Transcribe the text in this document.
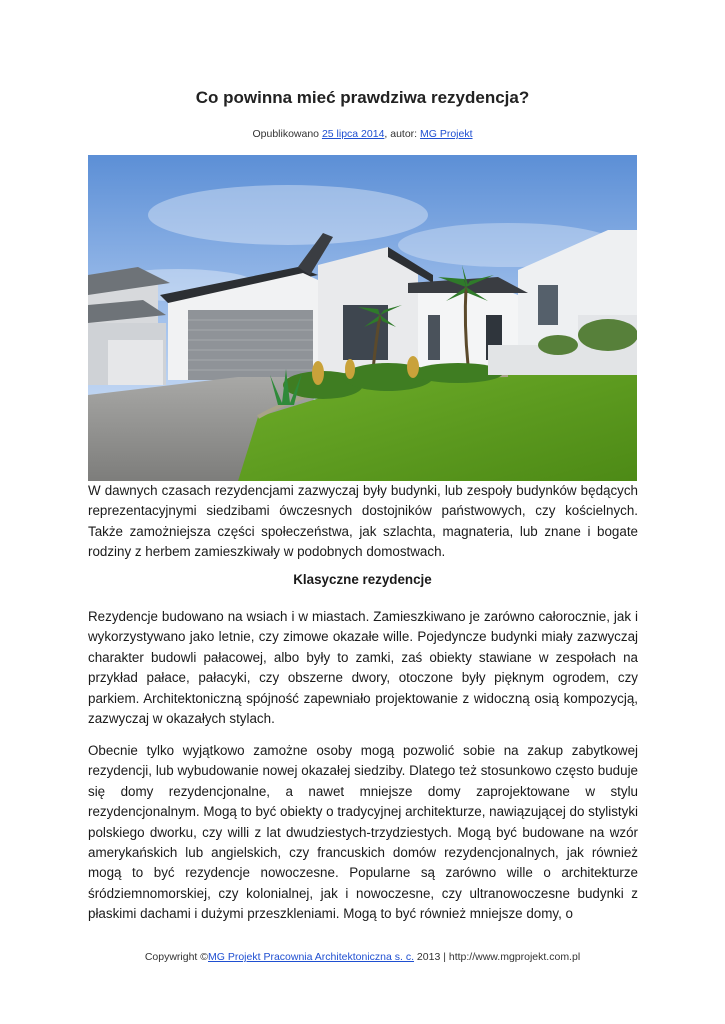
Co powinna mieć prawdziwa rezydencja?
Opublikowano 25 lipca 2014, autor: MG Projekt

W dawnych czasach rezydencjami zazwyczaj były budynki, lub zespoły budynków będących reprezentacyjnymi siedzibami ówczesnych dostojników państwowych, czy kościelnych. Także zamożniejsza części społeczeństwa, jak szlachta, magnateria, lub znane i bogate rodziny z herbem zamieszkiwały w podobnych domostwach.

Klasyczne rezydencje

Rezydencje budowano na wsiach i w miastach. Zamieszkiwano je zarówno całorocznie, jak i wykorzystywano jako letnie, czy zimowe okazałe wille. Pojedyncze budynki miały zazwyczaj charakter budowli pałacowej, albo były to zamki, zaś obiekty stawiane w zespołach na przykład pałace, pałacyki, czy obszerne dwory, otoczone były pięknym ogrodem, czy parkiem. Architektoniczną spójność zapewniało projektowanie z widoczną osią kompozycją, zazwyczaj w okazałych stylach.

Obecnie tylko wyjątkowo zamożne osoby mogą pozwolić sobie na zakup zabytkowej rezydencji, lub wybudowanie nowej okazałej siedziby. Dlatego też stosunkowo często buduje się domy rezydencjonalne, a nawet mniejsze domy zaprojektowane w stylu rezydencjonalnym. Mogą to być obiekty o tradycyjnej architekturze, nawiązującej do stylistyki polskiego dworku, czy willi z lat dwudziestych-trzydziestych. Mogą być budowane na wzór amerykańskich lub angielskich, czy francuskich domów rezydencjonalnych, jak również mogą to być rezydencje nowoczesne. Popularne są zarówno wille o architekturze śródziemnomorskiej, czy kolonialnej, jak i nowoczesne, czy ultranowoczesne budynki z płaskimi dachami i dużymi przeszkleniami. Mogą to być również mniejsze domy, o

Copywright ©MG Projekt Pracownia Architektoniczna s. c. 2013 | http://www.mgprojekt.com.pl
